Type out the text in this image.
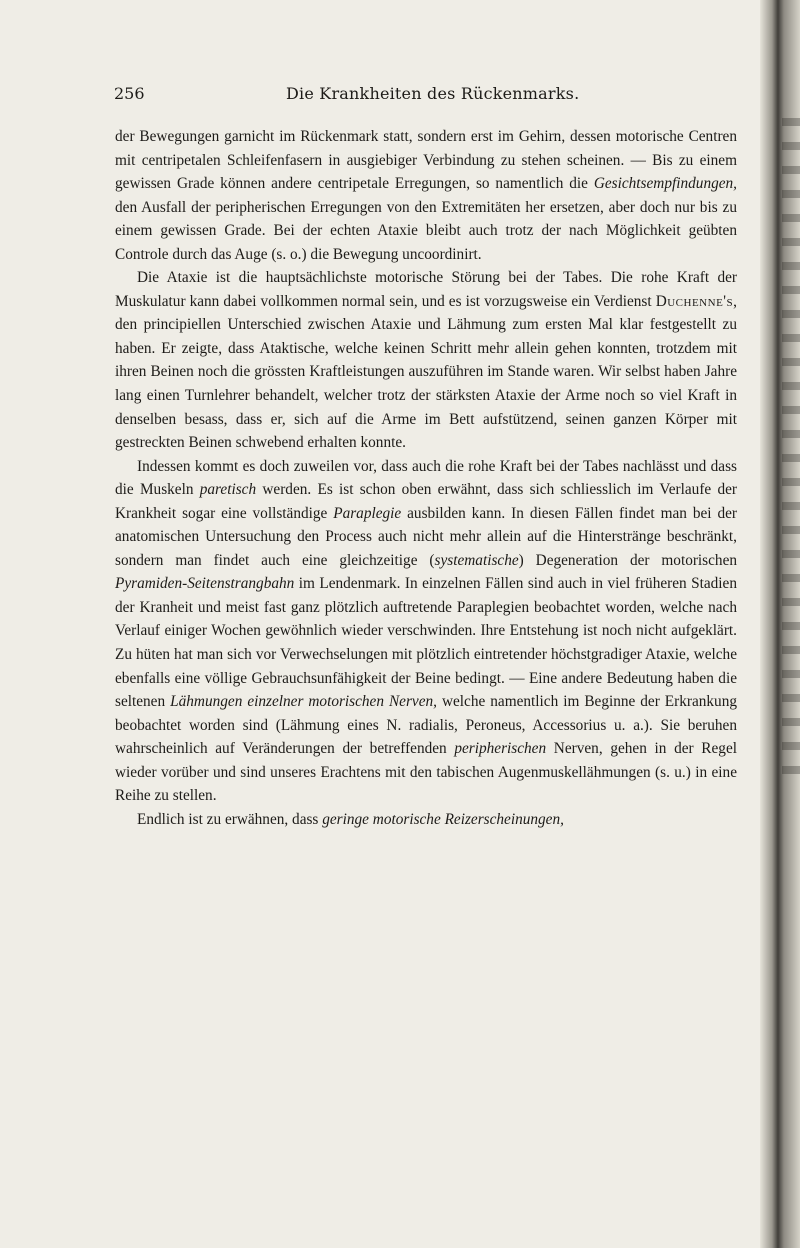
256	Die Krankheiten des Rückenmarks.

der Bewegungen garnicht im Rückenmark statt, sondern erst im Gehirn, dessen motorische Centren mit centripetalen Schleifenfasern in ausgiebiger Verbindung zu stehen scheinen. — Bis zu einem gewissen Grade können andere centripetale Erregungen, so namentlich die Gesichtsempfindungen, den Ausfall der peripherischen Erregungen von den Extremitäten her ersetzen, aber doch nur bis zu einem gewissen Grade. Bei der echten Ataxie bleibt auch trotz der nach Möglichkeit geübten Controle durch das Auge (s. o.) die Bewegung uncoordinirt.

Die Ataxie ist die hauptsächlichste motorische Störung bei der Tabes. Die rohe Kraft der Muskulatur kann dabei vollkommen normal sein, und es ist vorzugsweise ein Verdienst Duchenne's, den principiellen Unterschied zwischen Ataxie und Lähmung zum ersten Mal klar festgestellt zu haben. Er zeigte, dass Ataktische, welche keinen Schritt mehr allein gehen konnten, trotzdem mit ihren Beinen noch die grössten Kraftleistungen auszuführen im Stande waren. Wir selbst haben Jahre lang einen Turnlehrer behandelt, welcher trotz der stärksten Ataxie der Arme noch so viel Kraft in denselben besass, dass er, sich auf die Arme im Bett aufstützend, seinen ganzen Körper mit gestreckten Beinen schwebend erhalten konnte.

Indessen kommt es doch zuweilen vor, dass auch die rohe Kraft bei der Tabes nachlässt und dass die Muskeln paretisch werden. Es ist schon oben erwähnt, dass sich schliesslich im Verlaufe der Krankheit sogar eine vollständige Paraplegie ausbilden kann. In diesen Fällen findet man bei der anatomischen Untersuchung den Process auch nicht mehr allein auf die Hinterstränge beschränkt, sondern man findet auch eine gleichzeitige (systematische) Degeneration der motorischen Pyramiden-Seitenstrangbahn im Lendenmark. In einzelnen Fällen sind auch in viel früheren Stadien der Kranheit und meist fast ganz plötzlich auftretende Paraplegien beobachtet worden, welche nach Verlauf einiger Wochen gewöhnlich wieder verschwinden. Ihre Entstehung ist noch nicht aufgeklärt. Zu hüten hat man sich vor Verwechselungen mit plötzlich eintretender höchstgradiger Ataxie, welche ebenfalls eine völlige Gebrauchsunfähigkeit der Beine bedingt. — Eine andere Bedeutung haben die seltenen Lähmungen einzelner motorischen Nerven, welche namentlich im Beginne der Erkrankung beobachtet worden sind (Lähmung eines N. radialis, Peroneus, Accessorius u. a.). Sie beruhen wahrscheinlich auf Veränderungen der betreffenden peripherischen Nerven, gehen in der Regel wieder vorüber und sind unseres Erachtens mit den tabischen Augenmuskellähmungen (s. u.) in eine Reihe zu stellen.

Endlich ist zu erwähnen, dass geringe motorische Reizerscheinungen,
